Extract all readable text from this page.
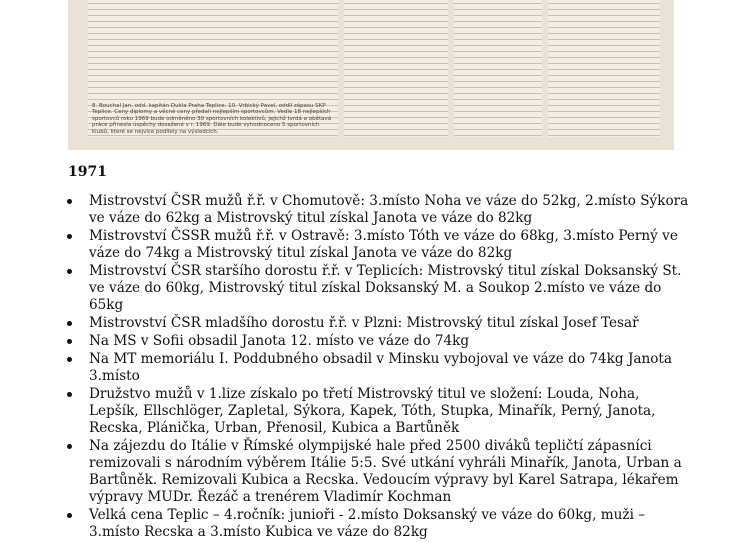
8. Bouchal Jan, odd. kapitán Dukla Praha Teplice. 10. Vrbický Pavel, oddíl zápasu SKP Teplice. Ceny diplomy a věcné ceny předali nejlepším sportovcům. Vedle 18 nejlepších sportovců roku 1969 bude odměněno 30 sportovních kolektivů, jejichž tvrdá a obětavá práce přinesla úspěchy dosažené v r. 1969. Dále bude vyhodnoceno 5 sportovních klubů, které se nejvíce podílely na výsledcích.
1971
Mistrovství ČSR mužů ř.ř. v Chomutově: 3.místo Noha ve váze do 52kg, 2.místo Sýkora ve váze do 62kg a Mistrovský titul získal Janota ve váze do 82kg
Mistrovství ČSSR mužů ř.ř. v Ostravě: 3.místo Tóth ve váze do 68kg, 3.místo Perný ve váze do 74kg a Mistrovský titul získal Janota ve váze do 82kg
Mistrovství ČSR staršího dorostu ř.ř. v Teplicích: Mistrovský titul získal Doksanský St. ve váze do 60kg, Mistrovský titul získal Doksanský M. a Soukop 2.místo ve váze do 65kg
Mistrovství ČSR mladšího dorostu ř.ř. v Plzni: Mistrovský titul získal Josef Tesař
Na MS v Sofii obsadil Janota 12. místo ve váze do 74kg
Na MT memoriálu I. Poddubného obsadil v Minsku vybojoval ve váze do 74kg Janota 3.místo
Družstvo mužů v 1.lize získalo po třetí Mistrovský titul ve složení: Louda, Noha, Lepšík, Ellschlöger, Zapletal, Sýkora, Kapek, Tóth, Stupka, Minařík, Perný, Janota, Recska, Plánička, Urban, Přenosil, Kubica a Bartůněk
Na zájezdu do Itálie v Římské olympijské hale před 2500 diváků tepličtí zápasníci remizovali s národním výběrem Itálie 5:5. Své utkání vyhráli Minařík, Janota, Urban a Bartůněk. Remizovali Kubica a Recska. Vedoucím výpravy byl Karel Satrapa, lékařem výpravy MUDr. Řezáč a trenérem Vladimír Kochman
Velká cena Teplic – 4.ročník: junioři - 2.místo Doksanský ve váze do 60kg, muži – 3.místo Recska a 3.místo Kubica ve váze do 82kg
